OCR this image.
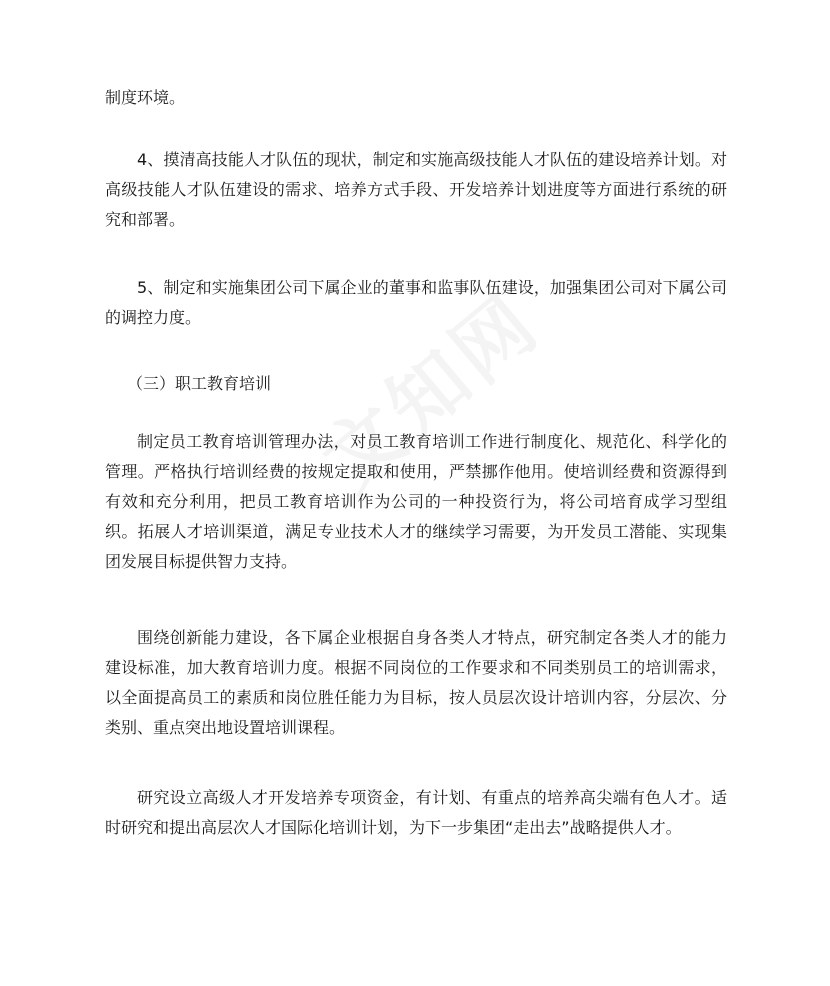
制度环境。

4、摸清高技能人才队伍的现状，制定和实施高级技能人才队伍的建设培养计划。对高级技能人才队伍建设的需求、培养方式手段、开发培养计划进度等方面进行系统的研究和部署。

5、制定和实施集团公司下属企业的董事和监事队伍建设，加强集团公司对下属公司的调控力度。

（三）职工教育培训

制定员工教育培训管理办法，对员工教育培训工作进行制度化、规范化、科学化的管理。严格执行培训经费的按规定提取和使用，严禁挪作他用。使培训经费和资源得到有效和充分利用，把员工教育培训作为公司的一种投资行为，将公司培育成学习型组织。拓展人才培训渠道，满足专业技术人才的继续学习需要，为开发员工潜能、实现集团发展目标提供智力支持。

围绕创新能力建设，各下属企业根据自身各类人才特点，研究制定各类人才的能力建设标准，加大教育培训力度。根据不同岗位的工作要求和不同类别员工的培训需求，以全面提高员工的素质和岗位胜任能力为目标，按人员层次设计培训内容，分层次、分类别、重点突出地设置培训课程。

研究设立高级人才开发培养专项资金，有计划、有重点的培养高尖端有色人才。适时研究和提出高层次人才国际化培训计划，为下一步集团“走出去”战略提供人才。
